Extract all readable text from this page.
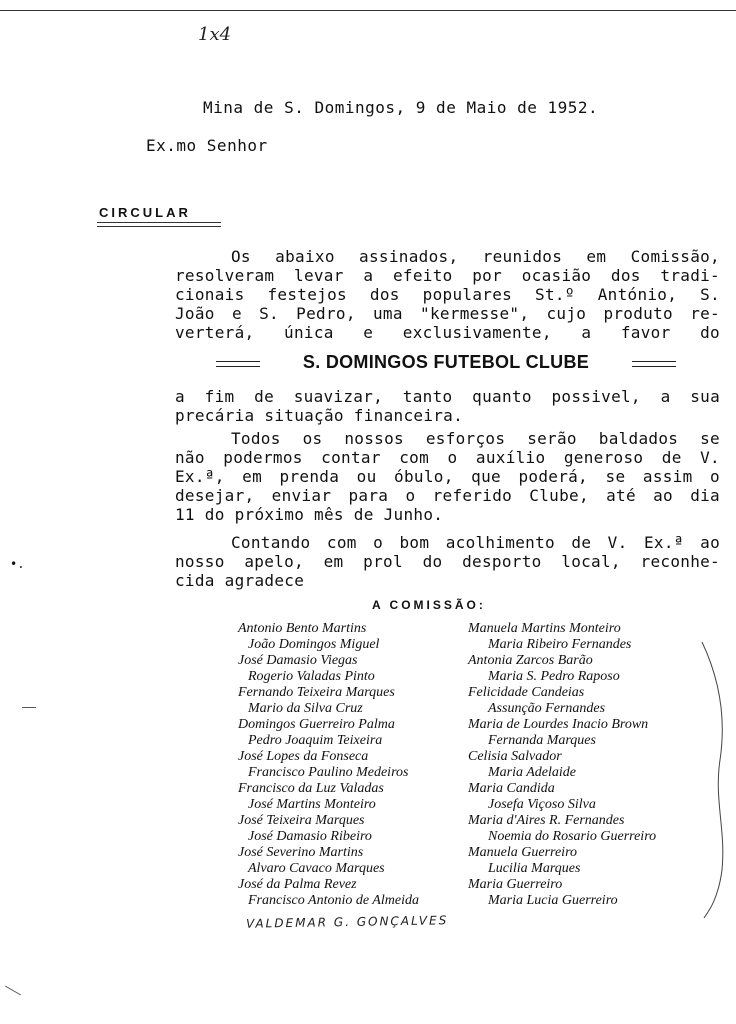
1x4
•.
Mina de S. Domingos, 9 de Maio de 1952.
Ex.mo Senhor
CIRCULAR

Os abaixo assinados, reunidos em Comissão,

resolveram levar a efeito por ocasião dos tradi-

cionais festejos dos populares St.º António, S.

João e S. Pedro, uma "kermesse", cujo produto re-

verterá, única e exclusivamente, a favor do

S. DOMINGOS FUTEBOL CLUBE

a fim de suavizar, tanto quanto possivel, a sua

precária situação financeira.

Todos os nossos esforços serão baldados se

não podermos contar com o auxílio generoso de V.

Ex.ª, em prenda ou óbulo, que poderá, se assim o

desejar, enviar para o referido Clube, até ao dia

11 do próximo mês de Junho.

Contando com o bom acolhimento de V. Ex.ª ao

nosso apelo, em prol do desporto local, reconhe-

cida agradece

A COMISSÃO:
Antonio Bento Martins	Manuela Martins Monteiro
João Domingos Miguel	Maria Ribeiro Fernandes
José Damasio Viegas	Antonia Zarcos Barão
Rogerio Valadas Pinto	Maria S. Pedro Raposo
Fernando Teixeira Marques	Felicidade Candeias
Mario da Silva Cruz	Assunção Fernandes
Domingos Guerreiro Palma	Maria de Lourdes Inacio Brown
Pedro Joaquim Teixeira	Fernanda Marques
José Lopes da Fonseca	Celisia Salvador
Francisco Paulino Medeiros	Maria Adelaide
Francisco da Luz Valadas	Maria Candida
José Martins Monteiro	Josefa Viçoso Silva
José Teixeira Marques	Maria d'Aires R. Fernandes
José Damasio Ribeiro	Noemia do Rosario Guerreiro
José Severino Martins	Manuela Guerreiro
Alvaro Cavaco Marques	Lucilia Marques
José da Palma Revez	Maria Guerreiro
Francisco Antonio de Almeida	Maria Lucia Guerreiro
VALDEMAR G. GONÇALVES
